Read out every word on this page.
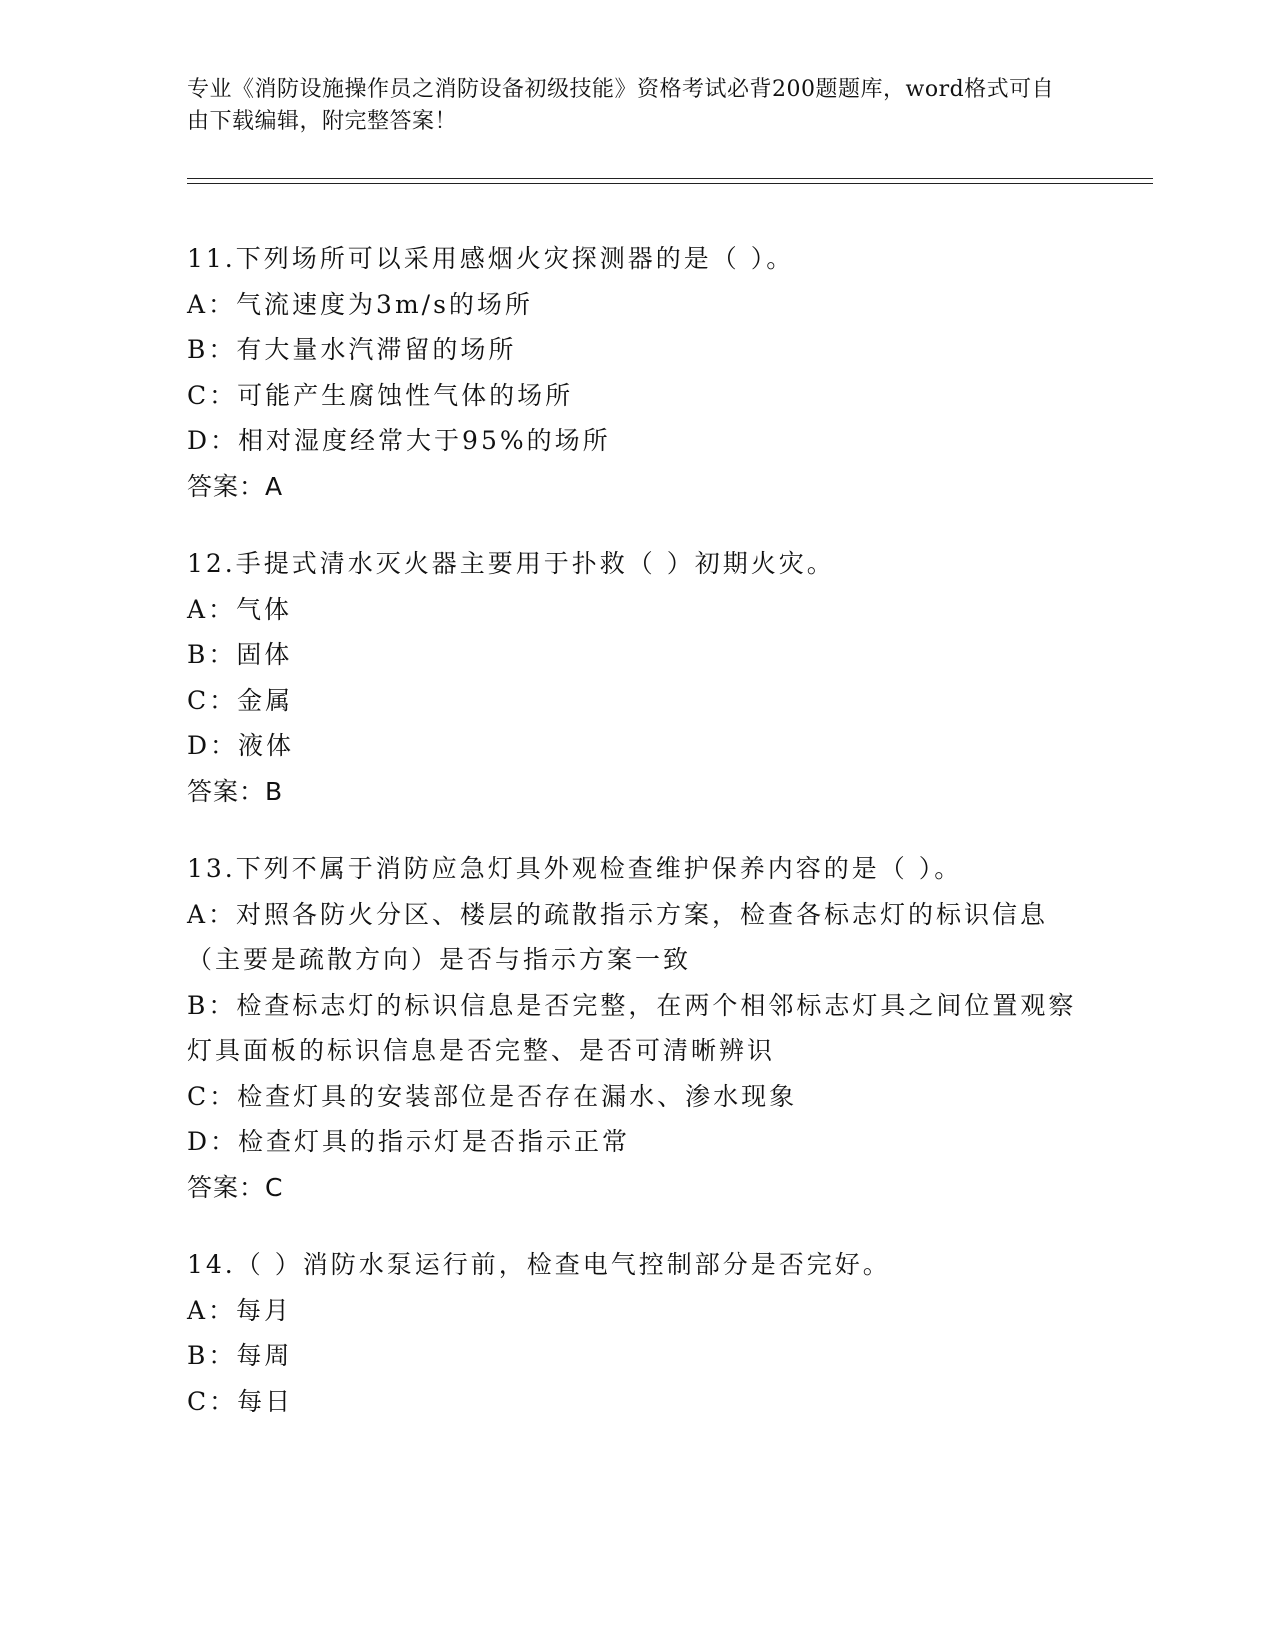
专业《消防设施操作员之消防设备初级技能》资格考试必背200题题库，word格式可自由下载编辑，附完整答案！
11.下列场所可以采用感烟火灾探测器的是（ ）。
A：气流速度为3m/s的场所
B：有大量水汽滞留的场所
C：可能产生腐蚀性气体的场所
D：相对湿度经常大于95%的场所
答案：A
12.手提式清水灭火器主要用于扑救（ ）初期火灾。
A：气体
B：固体
C：金属
D：液体
答案：B
13.下列不属于消防应急灯具外观检查维护保养内容的是（ ）。
A：对照各防火分区、楼层的疏散指示方案，检查各标志灯的标识信息（主要是疏散方向）是否与指示方案一致
B：检查标志灯的标识信息是否完整，在两个相邻标志灯具之间位置观察灯具面板的标识信息是否完整、是否可清晰辨识
C：检查灯具的安装部位是否存在漏水、渗水现象
D：检查灯具的指示灯是否指示正常
答案：C
14.（ ）消防水泵运行前，检查电气控制部分是否完好。
A：每月
B：每周
C：每日
